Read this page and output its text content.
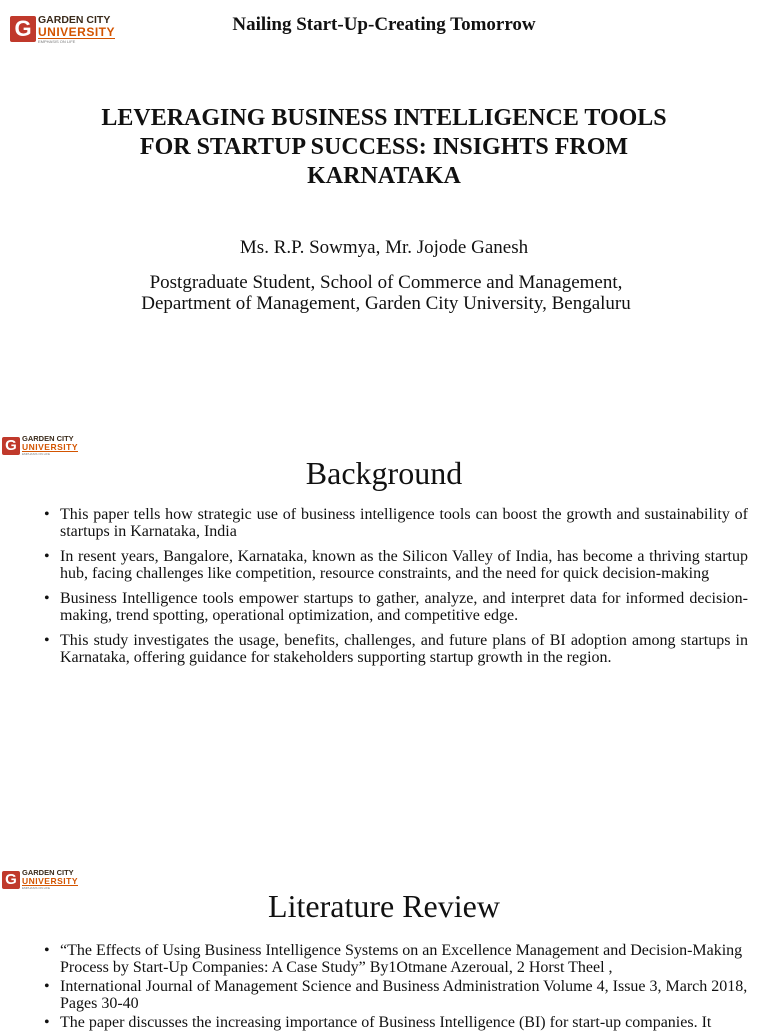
G GARDEN CITY
UNIVERSITY
EMPHASIS ON LIFE
Nailing Start-Up-Creating Tomorrow
LEVERAGING BUSINESS INTELLIGENCE TOOLS FOR STARTUP SUCCESS: INSIGHTS FROM KARNATAKA
Ms. R.P. Sowmya, Mr. Jojode Ganesh
Postgraduate Student, School of Commerce and Management, Department of Management, Garden City University, Bengaluru
G GARDEN CITY
UNIVERSITY
EMPHASIS ON LIFE
Background
• This paper tells how strategic use of business intelligence tools can boost the growth and sustainability of startups in Karnataka, India
• In resent years, Bangalore, Karnataka, known as the Silicon Valley of India, has become a thriving startup hub, facing challenges like competition, resource constraints, and the need for quick decision-making
• Business Intelligence tools empower startups to gather, analyze, and interpret data for informed decision-making, trend spotting, operational optimization, and competitive edge.
• This study investigates the usage, benefits, challenges, and future plans of BI adoption among startups in Karnataka, offering guidance for stakeholders supporting startup growth in the region.
G GARDEN CITY
UNIVERSITY
EMPHASIS ON LIFE	Literature Review
• “The Effects of Using Business Intelligence Systems on an Excellence Management and Decision-Making Process by Start-Up Companies: A Case Study” By1Otmane Azeroual, 2 Horst Theel ,
• International Journal of Management Science and Business Administration Volume 4, Issue 3, March 2018, Pages 30-40
• The paper discusses the increasing importance of Business Intelligence (BI) for start-up companies. It
